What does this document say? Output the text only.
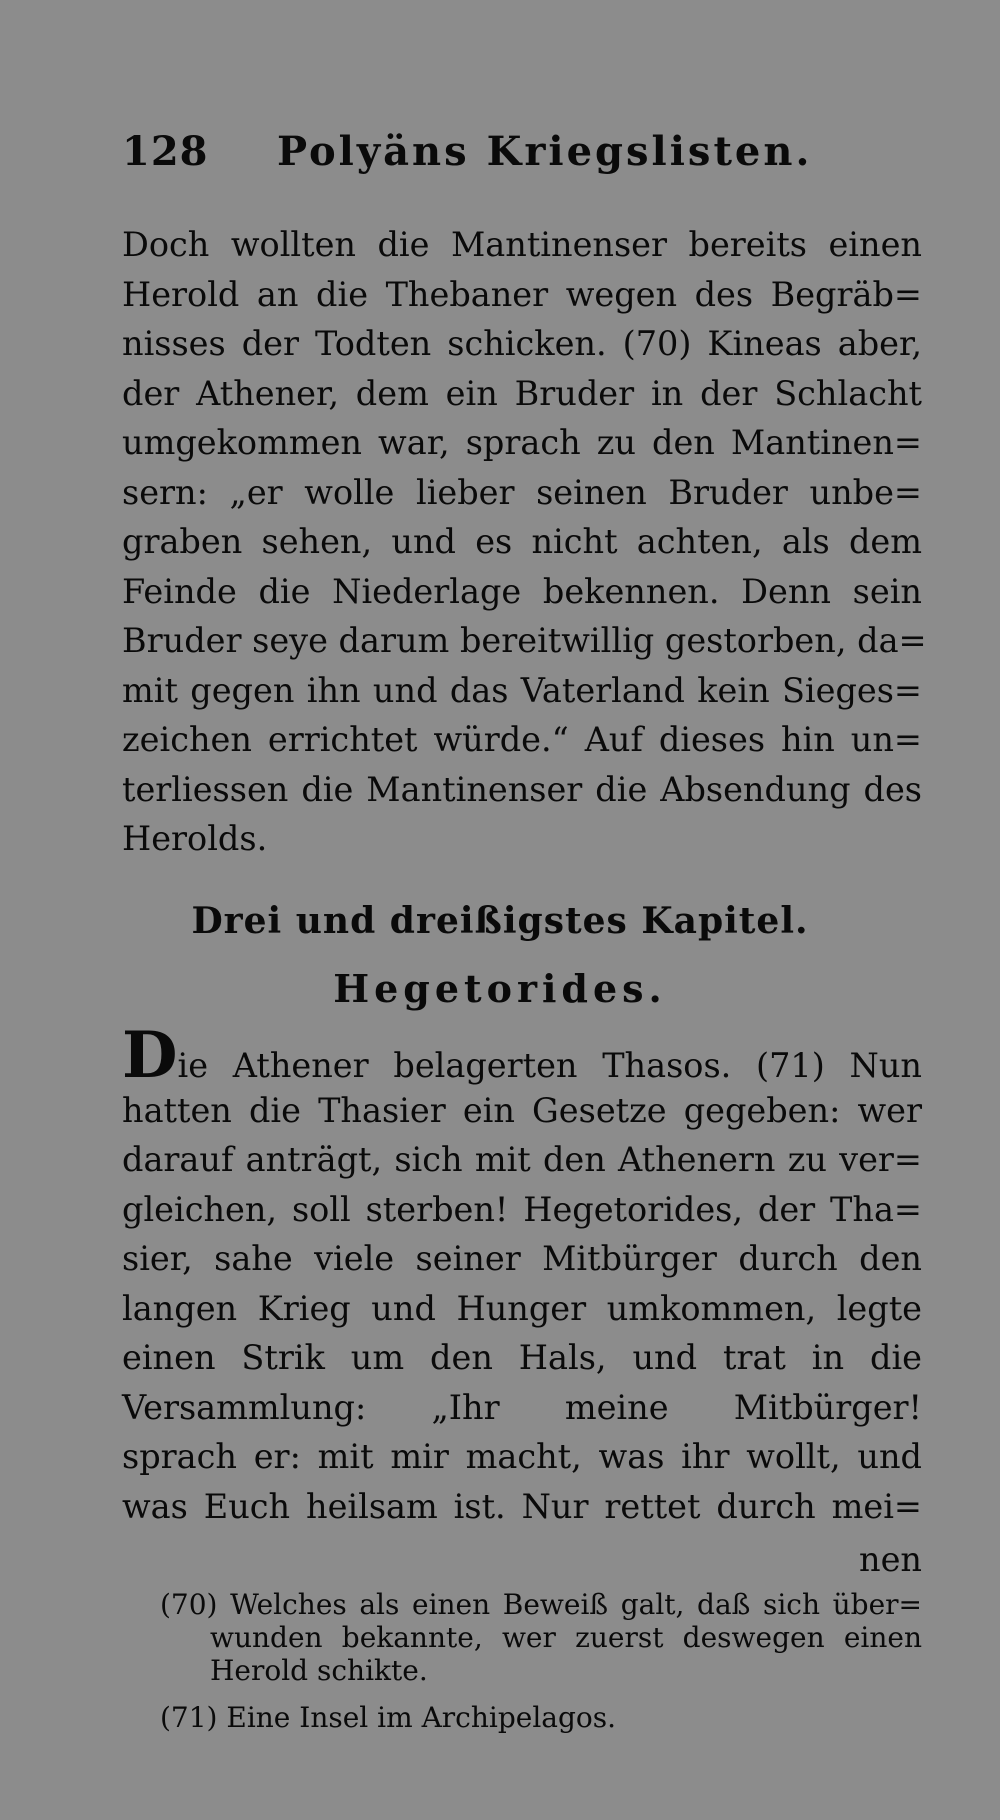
128 Polyäns Kriegslisten.
Doch wollten die Mantinenser bereits einen
Herold an die Thebaner wegen des Begräb=
nisses der Todten schicken. (70) Kineas aber,
der Athener, dem ein Bruder in der Schlacht
umgekommen war, sprach zu den Mantinen=
sern: „er wolle lieber seinen Bruder unbe=
graben sehen, und es nicht achten, als dem
Feinde die Niederlage bekennen. Denn sein
Bruder seye darum bereitwillig gestorben, da=
mit gegen ihn und das Vaterland kein Sieges=
zeichen errichtet würde.“ Auf dieses hin un=
terliessen die Mantinenser die Absendung des
Herolds.
Drei und dreißigstes Kapitel.
Hegetorides.
Die Athener belagerten Thasos. (71) Nun
hatten die Thasier ein Gesetze gegeben: wer
darauf anträgt, sich mit den Athenern zu ver=
gleichen, soll sterben! Hegetorides, der Tha=
sier, sahe viele seiner Mitbürger durch den
langen Krieg und Hunger umkommen, legte
einen Strik um den Hals, und trat in die
Versammlung: „Ihr meine Mitbürger!
sprach er: mit mir macht, was ihr wollt, und
was Euch heilsam ist. Nur rettet durch mei=
nen
(70) Welches als einen Beweiß galt, daß sich über=
wunden bekannte, wer zuerst deswegen einen
Herold schikte.
(71) Eine Insel im Archipelagos.
